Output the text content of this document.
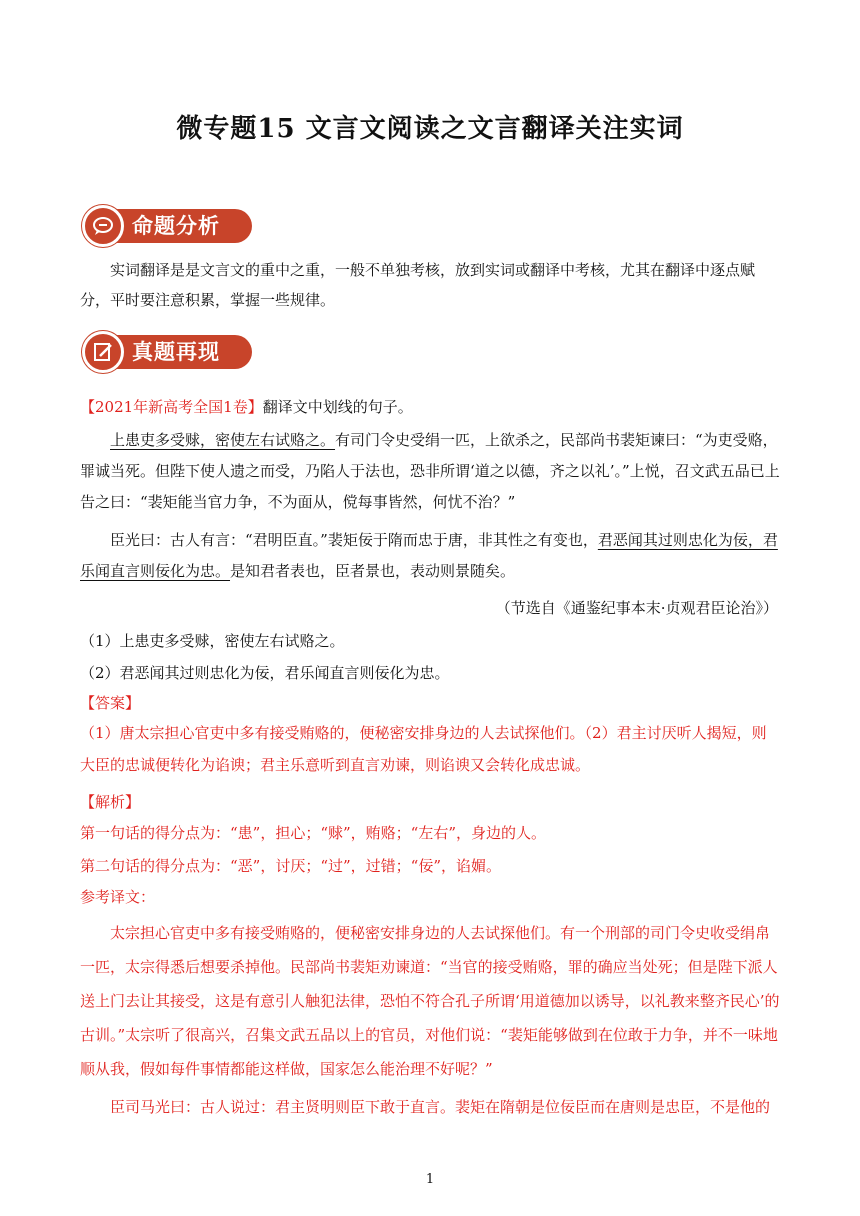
微专题15 文言文阅读之文言翻译关注实词
命题分析
实词翻译是是文言文的重中之重，一般不单独考核，放到实词或翻译中考核，尤其在翻译中逐点赋分，平时要注意积累，掌握一些规律。
真题再现
【2021年新高考全国1卷】翻译文中划线的句子。
上患吏多受赇，密使左右试赂之。有司门令史受绢一匹，上欲杀之，民部尚书裴矩谏曰：“为吏受赂，罪诚当死。但陛下使人遗之而受，乃陷人于法也，恐非所谓‘道之以德，齐之以礼’。”上悦，召文武五品已上告之曰：“裴矩能当官力争，不为面从，傥每事皆然，何忧不治？”
臣光曰：古人有言：“君明臣直。”裴矩佞于隋而忠于唐，非其性之有变也，君恶闻其过则忠化为佞，君乐闻直言则佞化为忠。是知君者表也，臣者景也，表动则景随矣。
（节选自《通鉴纪事本末·贞观君臣论治》）
（1）上患吏多受赇，密使左右试赂之。
（2）君恶闻其过则忠化为佞，君乐闻直言则佞化为忠。
【答案】
（1）唐太宗担心官吏中多有接受贿赂的，便秘密安排身边的人去试探他们。（2）君主讨厌听人揭短，则大臣的忠诚便转化为谄谀；君主乐意听到直言劝谏，则谄谀又会转化成忠诚。
【解析】
第一句话的得分点为：“患”，担心；“赇”，贿赂；“左右”，身边的人。
第二句话的得分点为：“恶”，讨厌；“过”，过错；“佞”，谄媚。
参考译文：
太宗担心官吏中多有接受贿赂的，便秘密安排身边的人去试探他们。有一个刑部的司门令史收受绢帛一匹，太宗得悉后想要杀掉他。民部尚书裴矩劝谏道：“当官的接受贿赂，罪的确应当处死；但是陛下派人送上门去让其接受，这是有意引人触犯法律，恐怕不符合孔子所谓‘用道德加以诱导，以礼教来整齐民心’的古训。”太宗听了很高兴，召集文武五品以上的官员，对他们说：“裴矩能够做到在位敢于力争，并不一味地顺从我，假如每件事情都能这样做，国家怎么能治理不好呢？”
臣司马光曰：古人说过：君主贤明则臣下敢于直言。裴矩在隋朝是位佞臣而在唐则是忠臣，不是他的
1
